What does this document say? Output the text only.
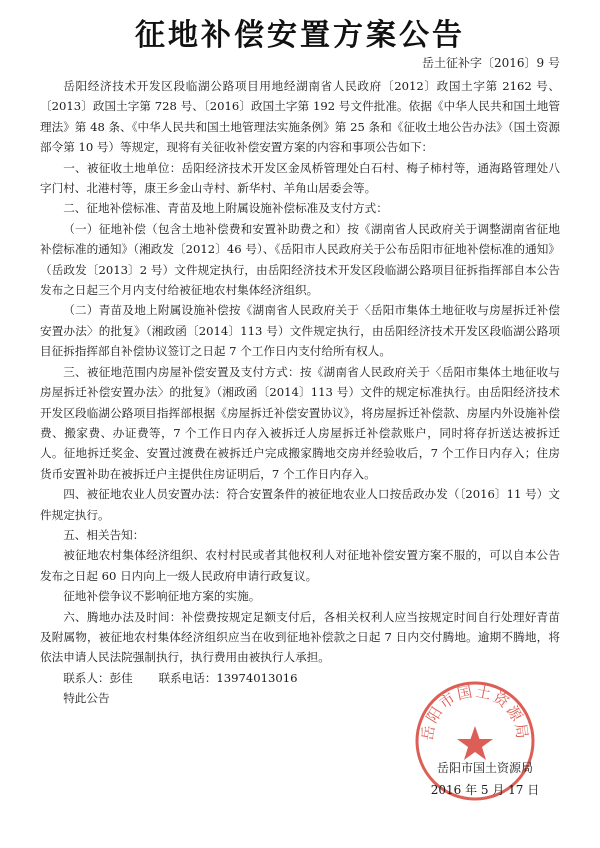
征地补偿安置方案公告
岳土征补字〔2016〕9 号

岳阳经济技术开发区段临湖公路项目用地经湖南省人民政府〔2012〕政国土字第 2162 号、〔2013〕政国土字第 728 号、〔2016〕政国土字第 192 号文件批准。依据《中华人民共和国土地管理法》第 48 条、《中华人民共和国土地管理法实施条例》第 25 条和《征收土地公告办法》（国土资源部令第 10 号）等规定，现将有关征收补偿安置方案的内容和事项公告如下：

一、被征收土地单位：岳阳经济技术开发区金凤桥管理处白石村、梅子柿村等，通海路管理处八字门村、北港村等，康王乡金山寺村、新华村、羊角山居委会等。

二、征地补偿标准、青苗及地上附属设施补偿标准及支付方式：

（一）征地补偿（包含土地补偿费和安置补助费之和）按《湖南省人民政府关于调整湖南省征地补偿标准的通知》（湘政发〔2012〕46 号）、《岳阳市人民政府关于公布岳阳市征地补偿标准的通知》（岳政发〔2013〕2 号）文件规定执行，由岳阳经济技术开发区段临湖公路项目征拆指挥部自本公告发布之日起三个月内支付给被征地农村集体经济组织。

（二）青苗及地上附属设施补偿按《湖南省人民政府关于〈岳阳市集体土地征收与房屋拆迁补偿安置办法〉的批复》（湘政函〔2014〕113 号）文件规定执行，由岳阳经济技术开发区段临湖公路项目征拆指挥部自补偿协议签订之日起 7 个工作日内支付给所有权人。

三、被征地范围内房屋补偿安置及支付方式：按《湖南省人民政府关于〈岳阳市集体土地征收与房屋拆迁补偿安置办法〉的批复》（湘政函〔2014〕113 号）文件的规定标准执行。由岳阳经济技术开发区段临湖公路项目指挥部根据《房屋拆迁补偿安置协议》，将房屋拆迁补偿款、房屋内外设施补偿费、搬家费、办证费等，7 个工作日内存入被拆迁人房屋拆迁补偿款账户，同时将存折送达被拆迁人。征地拆迁奖金、安置过渡费在被拆迁户完成搬家腾地交房并经验收后，7 个工作日内存入；住房货币安置补助在被拆迁户主提供住房证明后，7 个工作日内存入。

四、被征地农业人员安置办法：符合安置条件的被征地农业人口按岳政办发（〔2016〕11 号）文件规定执行。

五、相关告知：

被征地农村集体经济组织、农村村民或者其他权利人对征地补偿安置方案不服的，可以自本公告发布之日起 60 日内向上一级人民政府申请行政复议。

征地补偿争议不影响征地方案的实施。

六、腾地办法及时间：补偿费按规定足额支付后，各相关权利人应当按规定时间自行处理好青苗及附属物，被征地农村集体经济组织应当在收到征地补偿款之日起 7 日内交付腾地。逾期不腾地，将依法申请人民法院强制执行，执行费用由被执行人承担。

联系人：彭佳 联系电话：13974013016

特此公告

岳阳市国土资源局
岳阳市国土资源局
2016 年 5 月 17 日
